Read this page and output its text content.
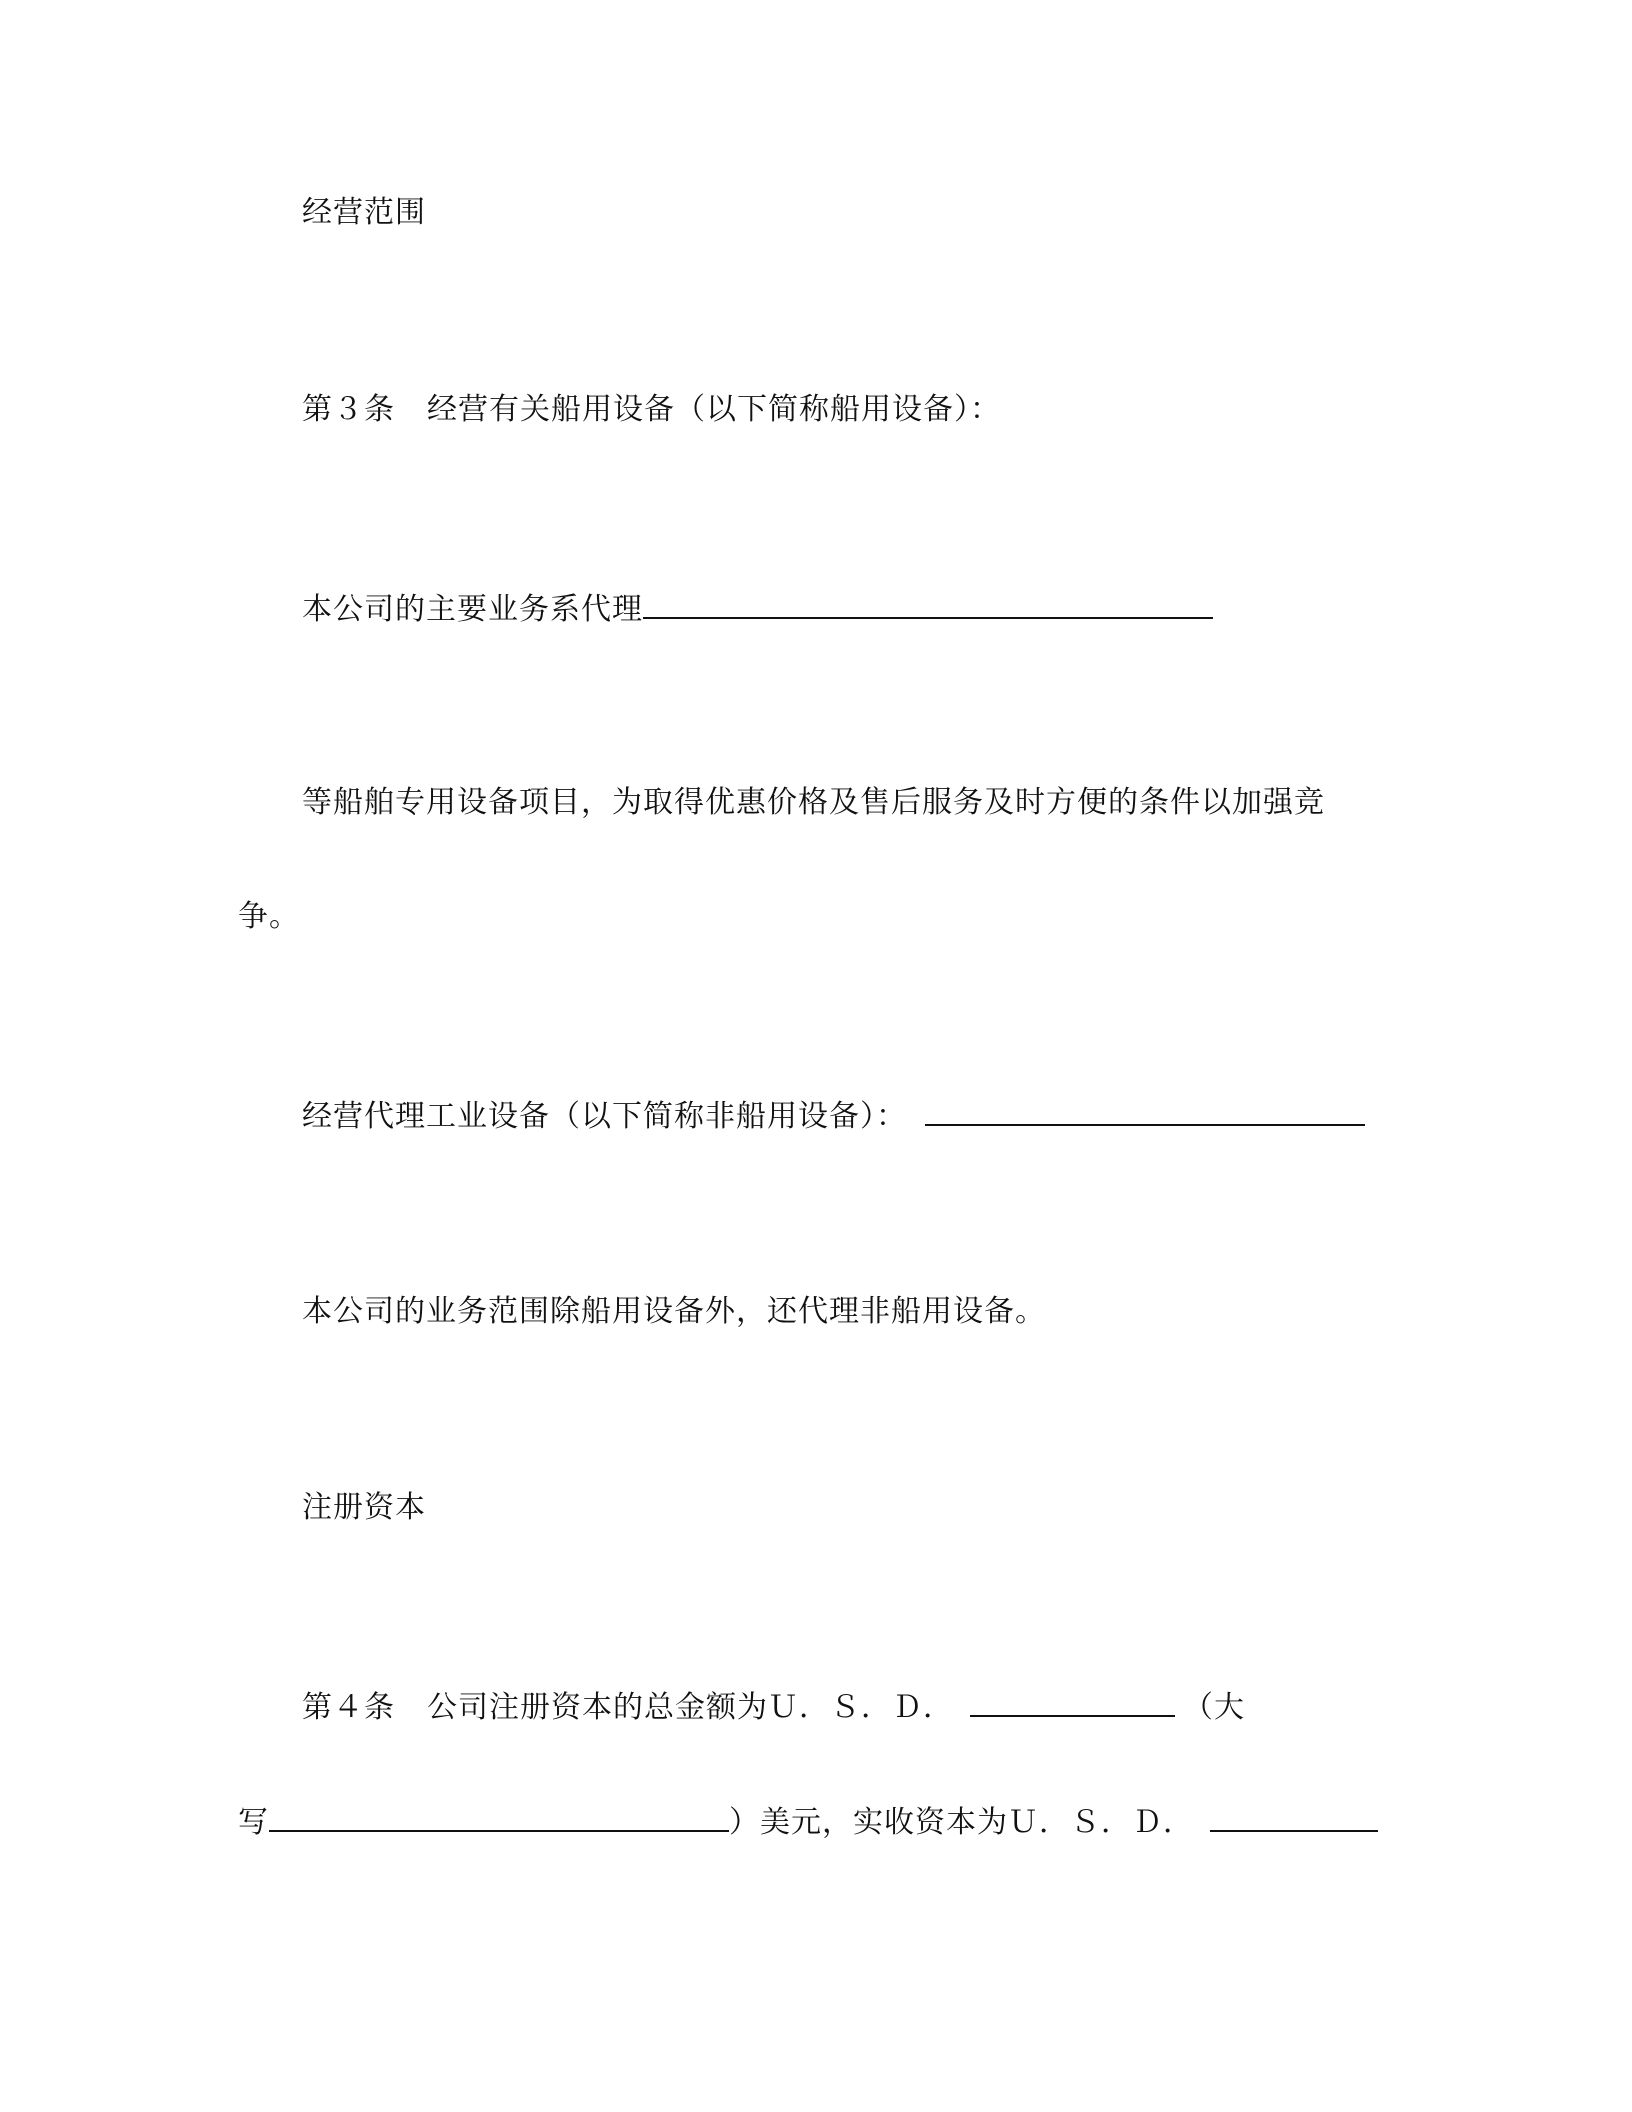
经营范围
第３条 经营有关船用设备（以下简称船用设备）：
本公司的主要业务系代理
等船舶专用设备项目，为取得优惠价格及售后服务及时方便的条件以加强竞
争。
经营代理工业设备（以下简称非船用设备）：
本公司的业务范围除船用设备外，还代理非船用设备。
注册资本
第４条 公司注册资本的总金额为Ｕ．Ｓ．Ｄ．	（大
写	）美元，实收资本为Ｕ．Ｓ．Ｄ．
